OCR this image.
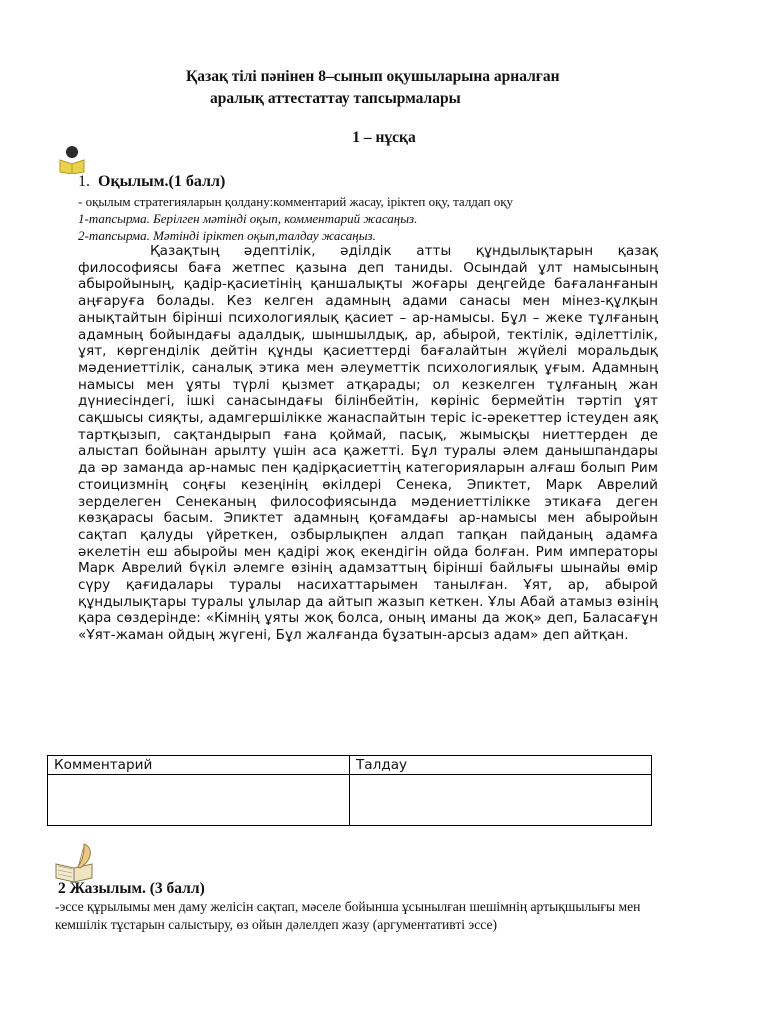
Қазақ тілі пәнінен 8–сынып оқушыларына арналған
аралық аттестаттау тапсырмалары
1 – нұсқа
1. Оқылым.(1 балл)
- оқылым стратегияларын қолдану:комментарий жасау, іріктеп оқу, талдап оқу
1-тапсырма. Берілген мәтінді оқып, комментарий жасаңыз.
2-тапсырма. Мәтінді іріктеп оқып,талдау жасаңыз.

Қазақтың әдептілік, әділдік атты құндылықтарын қазақ философиясы баға жетпес қазына деп таниды. Осындай ұлт намысының абыройының, қадір-қасиетінің қаншалықты жоғары деңгейде бағаланғанын аңғаруға болады. Кез келген адамның адами санасы мен мінез-құлқын анықтайтын бірінші психологиялық қасиет – ар-намысы. Бұл – жеке тұлғаның адамның бойындағы адалдық, шыншылдық, ар, абырой, тектілік, әділеттілік, ұят, көргенділік дейтін құнды қасиеттерді бағалайтын жүйелі моральдық мәдениеттілік, саналық этика мен әлеуметтік психологиялық ұғым. Адамның намысы мен ұяты түрлі қызмет атқарады; ол кезкелген тұлғаның жан дүниесіндегі, ішкі санасындағы білінбейтін, көрініс бермейтін тәртіп ұят сақшысы сияқты, адамгершілікке жанаспайтын теріс іс-әрекеттер істеуден аяқ тартқызып, сақтандырып ғана қоймай, пасық, жымысқы ниеттерден де алыстап бойынан арылту үшін аса қажетті. Бұл туралы әлем данышпандары да әр заманда ар-намыс пен қадірқасиеттің категорияларын алғаш болып Рим стоицизмнің соңғы кезеңінің өкілдері Сенека, Эпиктет, Марк Аврелий зерделеген Сенеканың философиясында мәдениеттілікке этикаға деген көзқарасы басым. Эпиктет адамның қоғамдағы ар-намысы мен абыройын сақтап қалуды үйреткен, озбырлықпен алдап тапқан пайданың адамға әкелетін еш абыройы мен қадірі жоқ екендігін ойда болған. Рим императоры Марк Аврелий бүкіл әлемге өзінің адамзаттың бірінші байлығы шынайы өмір сүру қағидалары туралы насихаттарымен танылған. Ұят, ар, абырой құндылықтары туралы ұлылар да айтып жазып кеткен. Ұлы Абай атамыз өзінің қара сөздерінде: «Кімнің ұяты жоқ болса, оның иманы да жоқ» деп, Баласағұн «Ұят-жаман ойдың жүгені, Бұл жалғанда бұзатын-арсыз адам» деп айтқан.

Комментарий	Талдау

2 Жазылым. (3 балл)

-эссе құрылымы мен даму желісін сақтап, мәселе бойынша ұсынылған шешімнің артықшылығы мен кемшілік тұстарын салыстыру, өз ойын дәлелдеп жазу (аргументативті эссе)
